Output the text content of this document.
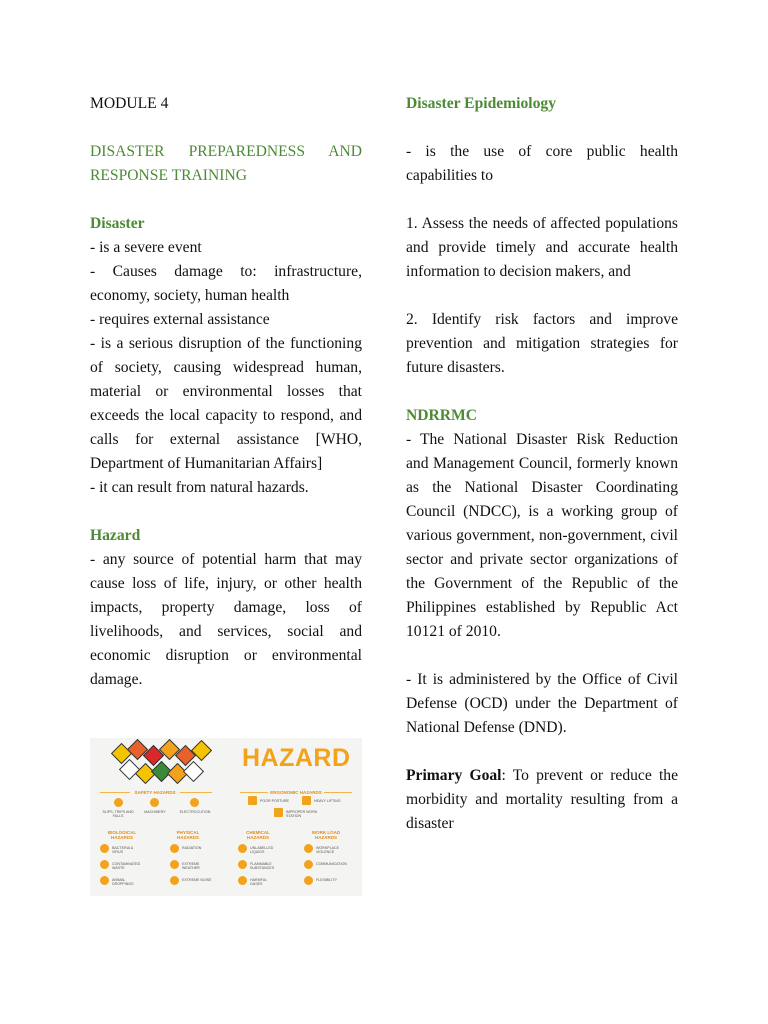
MODULE 4

DISASTER PREPAREDNESS AND RESPONSE TRAINING

Disaster

- is a severe event

- Causes damage to: infrastructure, economy, society, human health

- requires external assistance

- is a serious disruption of the functioning of society, causing widespread human, material or environmental losses that exceeds the local capacity to respond, and calls for external assistance [WHO, Department of Humanitarian Affairs]

- it can result from natural hazards.

Hazard

- any source of potential harm that may cause loss of life, injury, or other health impacts, property damage, loss of livelihoods, and services, social and economic disruption or environmental damage.

HAZARD
SAFETY HAZARDS	ERGONOMIC HAZARDS
SLIPS, TRIPS AND FALLS
MACHINERY	ELECTROCUTION
POOR POSTURE	HEAVY LIFTING
IMPROPER WORK STATION
BIOLOGICAL HAZARDS
PHYSICAL HAZARDS
CHEMICAL HAZARDS
WORK LOAD HAZARDS
BACTERIA & VIRUS
CONTAMINATED WASTE
ANIMAL DROPPINGS
RADIATION
EXTREME WEATHER
EXTREME NOISE
UNLABELLED LIQUIDS
FLAMMABLE SUBSTANCES
HARMFUL GASES
WORKPLACE VIOLENCE
COMMUNICATION
FLEXIBILITY

Disaster Epidemiology

- is the use of core public health capabilities to

1. Assess the needs of affected populations and provide timely and accurate health information to decision makers, and

2. Identify risk factors and improve prevention and mitigation strategies for future disasters.

NDRRMC

- The National Disaster Risk Reduction and Management Council, formerly known as the National Disaster Coordinating Council (NDCC), is a working group of various government, non-government, civil sector and private sector organizations of the Government of the Republic of the Philippines established by Republic Act 10121 of 2010.

- It is administered by the Office of Civil Defense (OCD) under the Department of National Defense (DND).

Primary Goal: To prevent or reduce the morbidity and mortality resulting from a disaster
